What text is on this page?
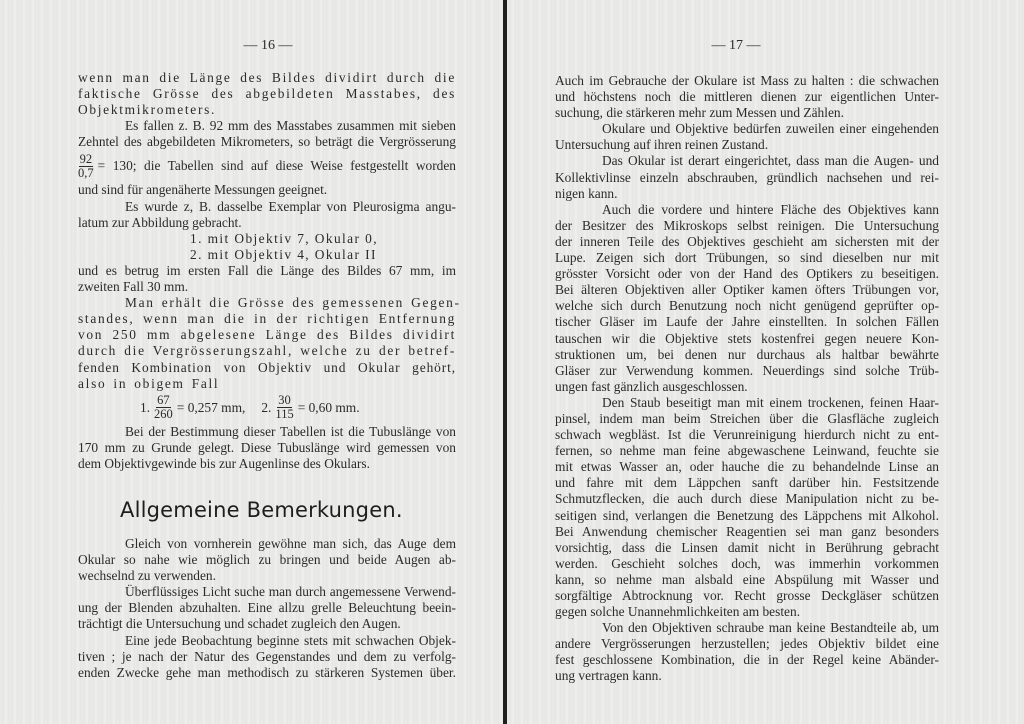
— 16 —
wenn man die Länge des Bildes dividirt durch die
faktische Grösse des abgebildeten Masstabes, des
Objektmikrometers.
Es fallen z. B. 92 mm des Masstabes zusammen mit sieben
Zehntel des abgebildeten Mikrometers, so beträgt die Vergrösserung
$\frac{92}{0,7} = 130$; die Tabellen sind auf diese Weise festgestellt worden
und sind für angenäherte Messungen geeignet.
Es wurde z, B. dasselbe Exemplar von Pleurosigma angu-
latum zur Abbildung gebracht.
1. mit Objektiv 7, Okular 0,
2. mit Objektiv 4, Okular II
und es betrug im ersten Fall die Länge des Bildes 67 mm, im
zweiten Fall 30 mm.
Man erhält die Grösse des gemessenen Gegen-
standes, wenn man die in der richtigen Entfernung
von 250 mm abgelesene Länge des Bildes dividirt
durch die Vergrösserungszahl, welche zu der betref-
fenden Kombination von Objektiv und Okular gehört,
also in obigem Fall
1. $\frac{67}{260} = 0,257$ mm, 2. $\frac{30}{115} = 0,60$ mm.
Bei der Bestimmung dieser Tabellen ist die Tubuslänge von
170 mm zu Grunde gelegt. Diese Tubuslänge wird gemessen von
dem Objektivgewinde bis zur Augenlinse des Okulars.
Allgemeine Bemerkungen.
Gleich von vornherein gewöhne man sich, das Auge dem
Okular so nahe wie möglich zu bringen und beide Augen ab-
wechselnd zu verwenden.
Überflüssiges Licht suche man durch angemessene Verwend-
ung der Blenden abzuhalten. Eine allzu grelle Beleuchtung beein-
trächtigt die Untersuchung und schadet zugleich den Augen.
Eine jede Beobachtung beginne stets mit schwachen Objek-
tiven ; je nach der Natur des Gegenstandes und dem zu verfolg-
enden Zwecke gehe man methodisch zu stärkeren Systemen über.
— 17 —
Auch im Gebrauche der Okulare ist Mass zu halten : die schwachen
und höchstens noch die mittleren dienen zur eigentlichen Unter-
suchung, die stärkeren mehr zum Messen und Zählen.
Okulare und Objektive bedürfen zuweilen einer eingehenden
Untersuchung auf ihren reinen Zustand.
Das Okular ist derart eingerichtet, dass man die Augen- und
Kollektivlinse einzeln abschrauben, gründlich nachsehen und rei-
nigen kann.
Auch die vordere und hintere Fläche des Objektives kann
der Besitzer des Mikroskops selbst reinigen. Die Untersuchung
der inneren Teile des Objektives geschieht am sichersten mit der
Lupe. Zeigen sich dort Trübungen, so sind dieselben nur mit
grösster Vorsicht oder von der Hand des Optikers zu beseitigen.
Bei älteren Objektiven aller Optiker kamen öfters Trübungen vor,
welche sich durch Benutzung noch nicht genügend geprüfter op-
tischer Gläser im Laufe der Jahre einstellten. In solchen Fällen
tauschen wir die Objektive stets kostenfrei gegen neuere Kon-
struktionen um, bei denen nur durchaus als haltbar bewährte
Gläser zur Verwendung kommen. Neuerdings sind solche Trüb-
ungen fast gänzlich ausgeschlossen.
Den Staub beseitigt man mit einem trockenen, feinen Haar-
pinsel, indem man beim Streichen über die Glasfläche zugleich
schwach wegbläst. Ist die Verunreinigung hierdurch nicht zu ent-
fernen, so nehme man feine abgewaschene Leinwand, feuchte sie
mit etwas Wasser an, oder hauche die zu behandelnde Linse an
und fahre mit dem Läppchen sanft darüber hin. Festsitzende
Schmutzflecken, die auch durch diese Manipulation nicht zu be-
seitigen sind, verlangen die Benetzung des Läppchens mit Alkohol.
Bei Anwendung chemischer Reagentien sei man ganz besonders
vorsichtig, dass die Linsen damit nicht in Berührung gebracht
werden. Geschieht solches doch, was immerhin vorkommen
kann, so nehme man alsbald eine Abspülung mit Wasser und
sorgfältige Abtrocknung vor. Recht grosse Deckgläser schützen
gegen solche Unannehmlichkeiten am besten.
Von den Objektiven schraube man keine Bestandteile ab, um
andere Vergrösserungen herzustellen; jedes Objektiv bildet eine
fest geschlossene Kombination, die in der Regel keine Abänder-
ung vertragen kann.
